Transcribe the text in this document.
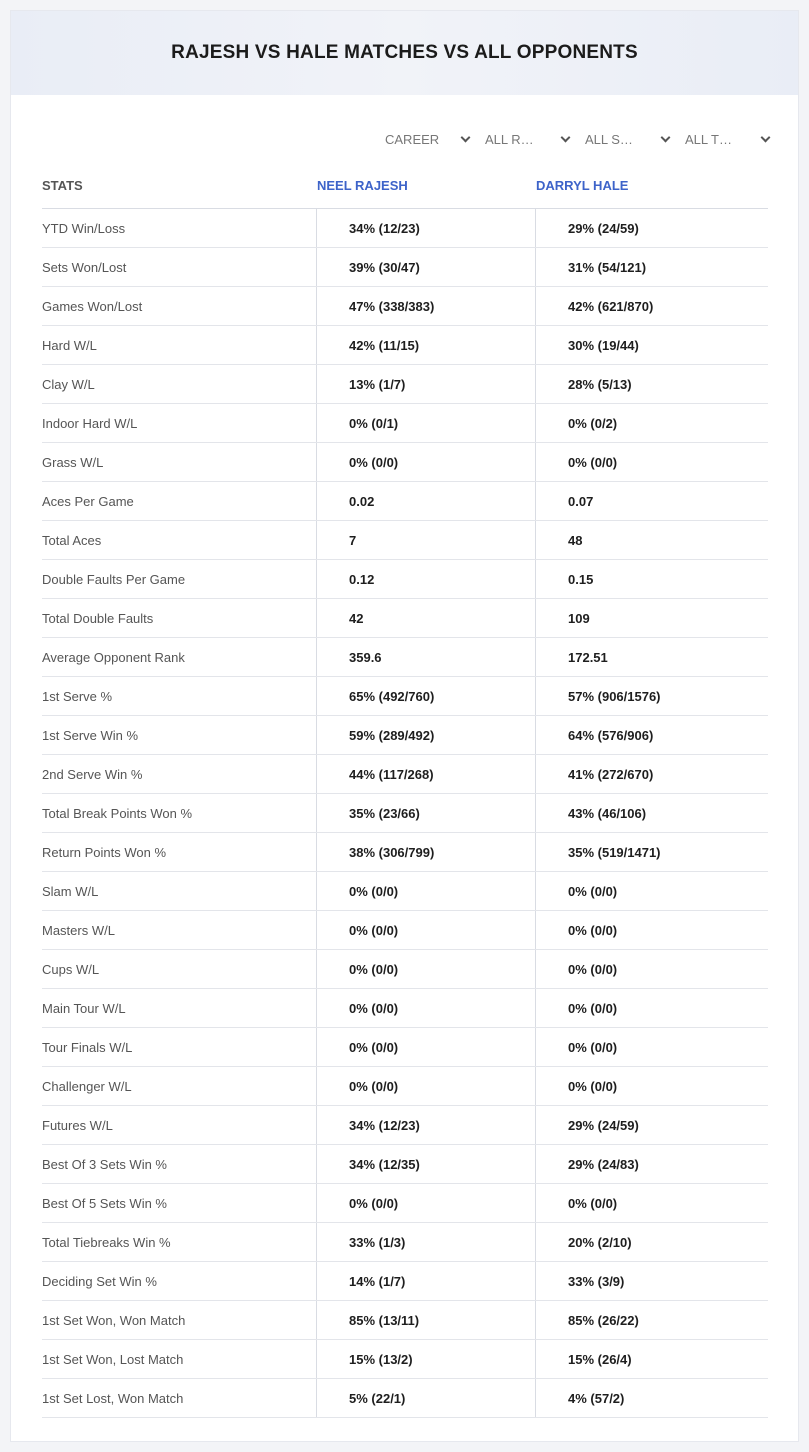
RAJESH VS HALE MATCHES VS ALL OPPONENTS
CAREER	ALL R…	ALL S…	ALL T…
STATS	NEEL RAJESH	DARRYL HALE
YTD Win/Loss	34% (12/23)	29% (24/59)
Sets Won/Lost	39% (30/47)	31% (54/121)
Games Won/Lost	47% (338/383)	42% (621/870)
Hard W/L	42% (11/15)	30% (19/44)
Clay W/L	13% (1/7)	28% (5/13)
Indoor Hard W/L	0% (0/1)	0% (0/2)
Grass W/L	0% (0/0)	0% (0/0)
Aces Per Game	0.02	0.07
Total Aces	7	48
Double Faults Per Game	0.12	0.15
Total Double Faults	42	109
Average Opponent Rank	359.6	172.51
1st Serve %	65% (492/760)	57% (906/1576)
1st Serve Win %	59% (289/492)	64% (576/906)
2nd Serve Win %	44% (117/268)	41% (272/670)
Total Break Points Won %	35% (23/66)	43% (46/106)
Return Points Won %	38% (306/799)	35% (519/1471)
Slam W/L	0% (0/0)	0% (0/0)
Masters W/L	0% (0/0)	0% (0/0)
Cups W/L	0% (0/0)	0% (0/0)
Main Tour W/L	0% (0/0)	0% (0/0)
Tour Finals W/L	0% (0/0)	0% (0/0)
Challenger W/L	0% (0/0)	0% (0/0)
Futures W/L	34% (12/23)	29% (24/59)
Best Of 3 Sets Win %	34% (12/35)	29% (24/83)
Best Of 5 Sets Win %	0% (0/0)	0% (0/0)
Total Tiebreaks Win %	33% (1/3)	20% (2/10)
Deciding Set Win %	14% (1/7)	33% (3/9)
1st Set Won, Won Match	85% (13/11)	85% (26/22)
1st Set Won, Lost Match	15% (13/2)	15% (26/4)
1st Set Lost, Won Match	5% (22/1)	4% (57/2)
